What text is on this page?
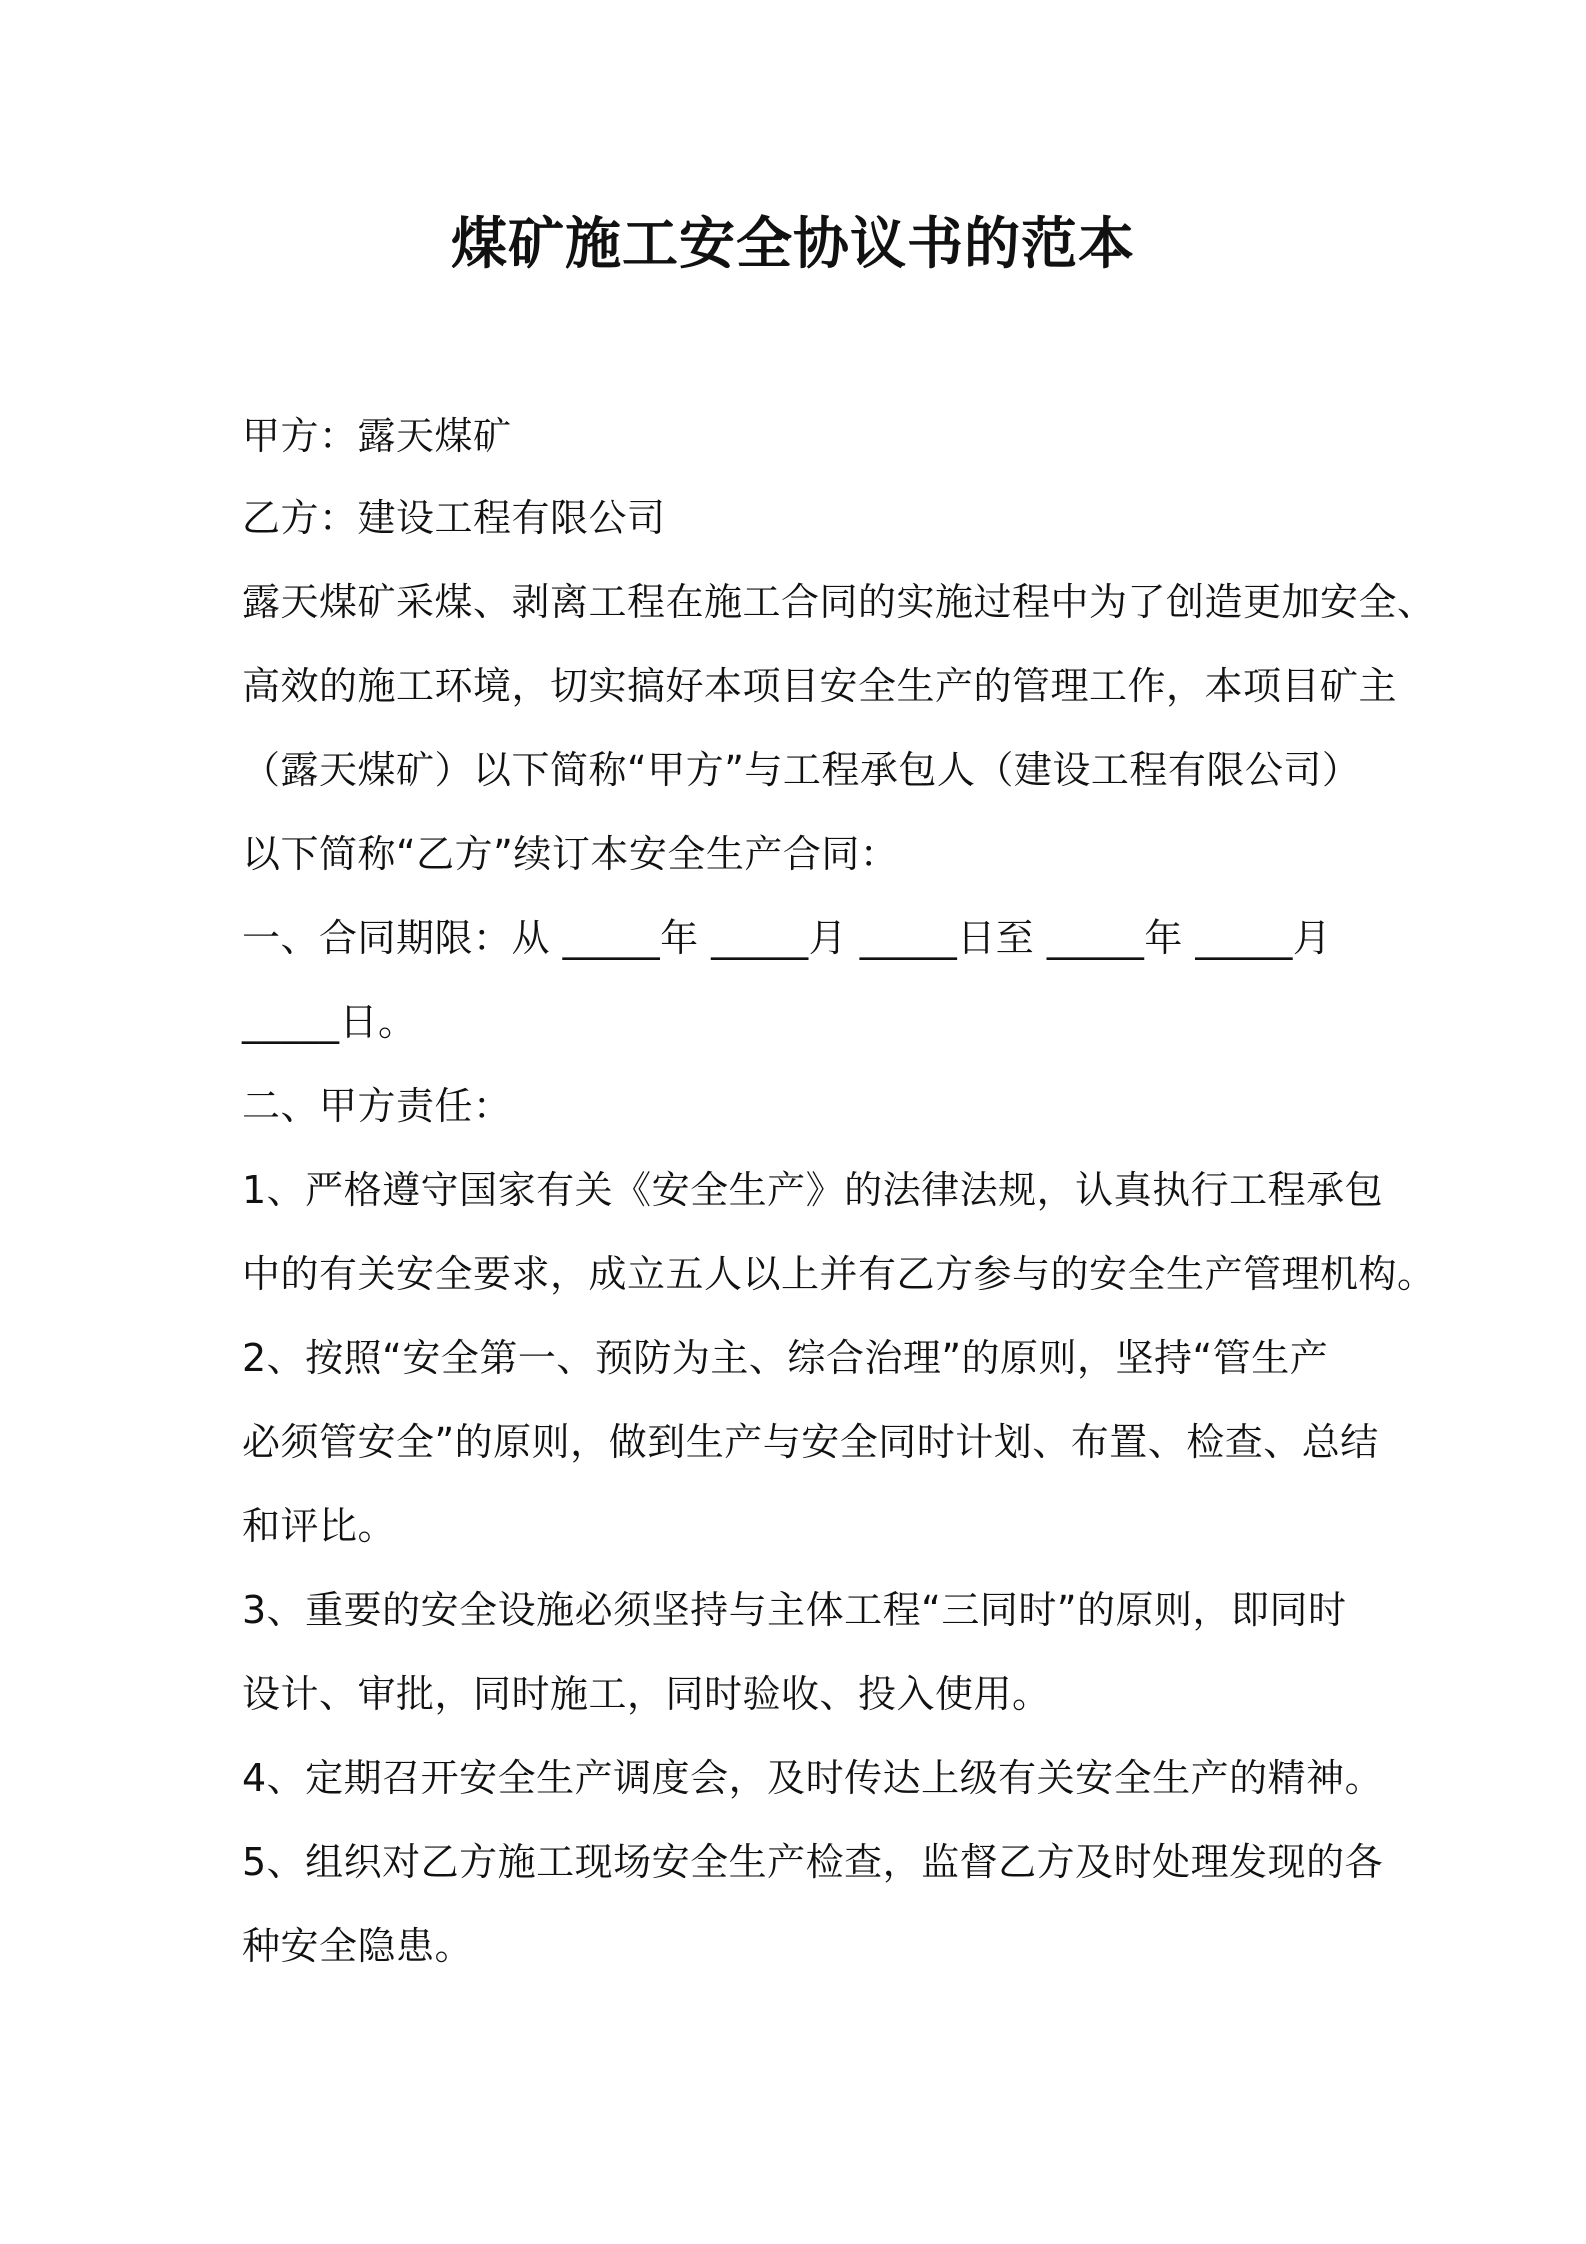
煤矿施工安全协议书的范本
甲方：露天煤矿
乙方：建设工程有限公司
露天煤矿采煤、剥离工程在施工合同的实施过程中为了创造更加安全、
高效的施工环境，切实搞好本项目安全生产的管理工作，本项目矿主
（露天煤矿）以下简称“甲方”与工程承包人（建设工程有限公司）
以下简称“乙方”续订本安全生产合同：
一、合同期限：从 _____年 _____月 _____日至 _____年 _____月
_____日。
二、甲方责任：
1、严格遵守国家有关《安全生产》的法律法规，认真执行工程承包
中的有关安全要求，成立五人以上并有乙方参与的安全生产管理机构。
2、按照“安全第一、预防为主、综合治理”的原则，坚持“管生产
必须管安全”的原则，做到生产与安全同时计划、布置、检查、总结
和评比。
3、重要的安全设施必须坚持与主体工程“三同时”的原则，即同时
设计、审批，同时施工，同时验收、投入使用。
4、定期召开安全生产调度会，及时传达上级有关安全生产的精神。
5、组织对乙方施工现场安全生产检查，监督乙方及时处理发现的各
种安全隐患。
